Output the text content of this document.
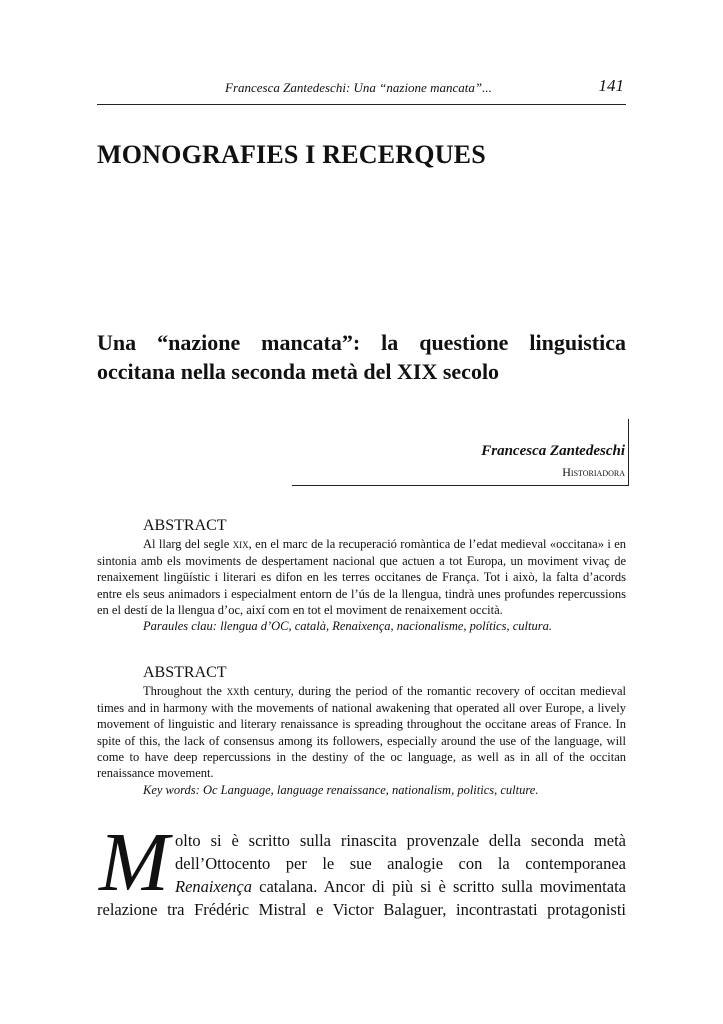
Francesca Zantedeschi: Una “nazione mancata”...	141
MONOGRAFIES I RECERQUES
Una “nazione mancata”: la questione linguistica occitana nella seconda metà del XIX secolo
Francesca Zantedeschi
Historiadora
ABSTRACT

Al llarg del segle xix, en el marc de la recuperació romàntica de l’edat medieval «occitana» i en sintonia amb els moviments de despertament nacional que actuen a tot Europa, un moviment vivaç de renaixement lingüístic i literari es difon en les terres occitanes de França. Tot i això, la falta d’acords entre els seus animadors i especialment entorn de l’ús de la llengua, tindrà unes profundes repercussions en el destí de la llengua d’oc, així com en tot el moviment de renaixement occità.

Paraules clau: llengua d’OC, català, Renaixença, nacionalisme, polítics, cultura.
ABSTRACT

Throughout the xxth century, during the period of the romantic recovery of occitan medieval times and in harmony with the movements of national awakening that operated all over Europe, a lively movement of linguistic and literary renaissance is spreading throughout the occitane areas of France. In spite of this, the lack of consensus among its followers, especially around the use of the language, will come to have deep repercussions in the destiny of the oc language, as well as in all of the occitan renaissance movement.

Key words: Oc Language, language renaissance, nationalism, politics, culture.
M olto si è scritto sulla rinascita provenzale della seconda metà
dell’Ottocento per le sue analogie con la contemporanea
Renaixença catalana. Ancor di più si è scritto sulla movimentata
relazione tra Frédéric Mistral e Victor Balaguer, incontrastati protagonisti
